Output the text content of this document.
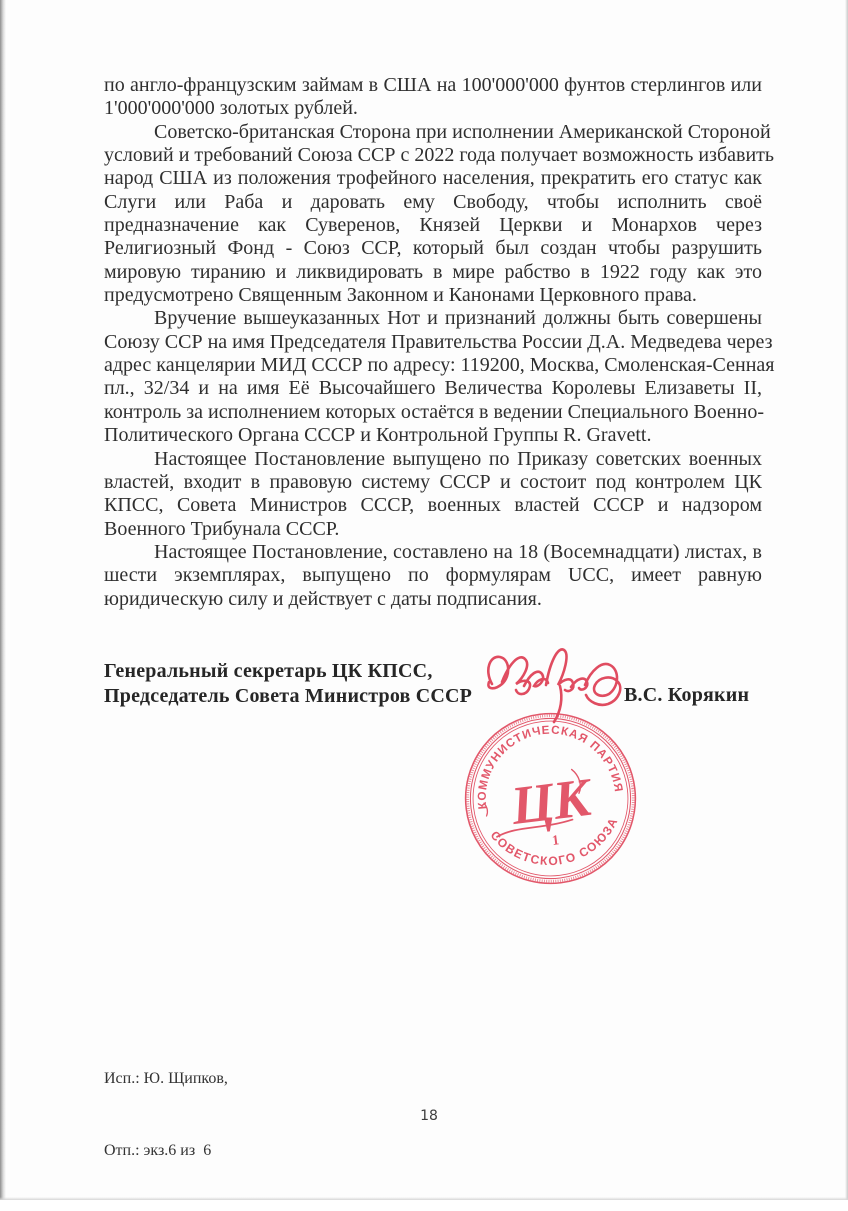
по англо-французским займам в США на 100'000'000 фунтов стерлингов или
1'000'000'000 золотых рублей.
Советско-британская Сторона при исполнении Американской Стороной
условий и требований Союза ССР с 2022 года получает возможность избавить
народ США из положения трофейного населения, прекратить его статус как
Слуги или Раба и даровать ему Свободу, чтобы исполнить своё
предназначение как Суверенов, Князей Церкви и Монархов через
Религиозный Фонд - Союз ССР, который был создан чтобы разрушить
мировую тиранию и ликвидировать в мире рабство в 1922 году как это
предусмотрено Священным Законном и Канонами Церковного права.
Вручение вышеуказанных Нот и признаний должны быть совершены
Союзу ССР на имя Председателя Правительства России Д.А. Медведева через
адрес канцелярии МИД СССР по адресу: 119200, Москва, Смоленская-Сенная
пл., 32/34 и на имя Её Высочайшего Величества Королевы Елизаветы II,
контроль за исполнением которых остаётся в ведении Специального Военно-
Политического Органа СССР и Контрольной Группы R. Gravett.
Настоящее Постановление выпущено по Приказу советских военных
властей, входит в правовую систему СССР и состоит под контролем ЦК
КПСС, Совета Министров СССР, военных властей СССР и надзором
Военного Трибунала СССР.
Настоящее Постановление, составлено на 18 (Восемнадцати) листах, в
шести экземплярах, выпущено по формулярам UCC, имеет равную
юридическую силу и действует с даты подписания.
Генеральный секретарь ЦК КПСС,
Председатель Совета Министров СССР	В.С. Корякин
КОММУНИСТИЧЕСКАЯ ПАРТИЯ
СОВЕТСКОГО СОЮЗА
ЦК
1

Исп.: Ю. Щипков,

Отп.: экз.6 из  6

18
